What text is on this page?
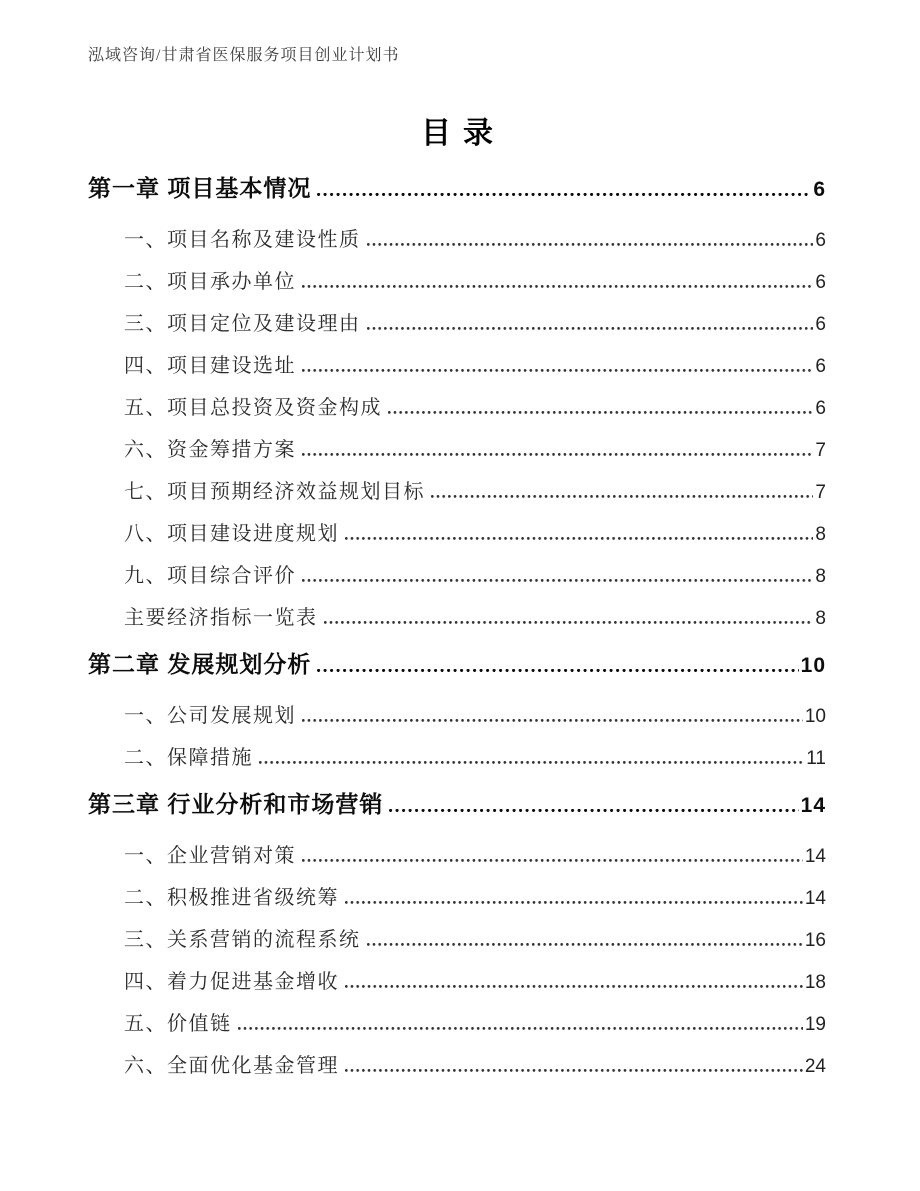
泓域咨询/甘肃省医保服务项目创业计划书
目录
第一章 项目基本情况	6
一、项目名称及建设性质	6
二、项目承办单位	6
三、项目定位及建设理由	6
四、项目建设选址	6
五、项目总投资及资金构成	6
六、资金筹措方案	7
七、项目预期经济效益规划目标	7
八、项目建设进度规划	8
九、项目综合评价	8
主要经济指标一览表	8
第二章 发展规划分析	10
一、公司发展规划	10
二、保障措施	11
第三章 行业分析和市场营销	14
一、企业营销对策	14
二、积极推进省级统筹	14
三、关系营销的流程系统	16
四、着力促进基金增收	18
五、价值链	19
六、全面优化基金管理	24
